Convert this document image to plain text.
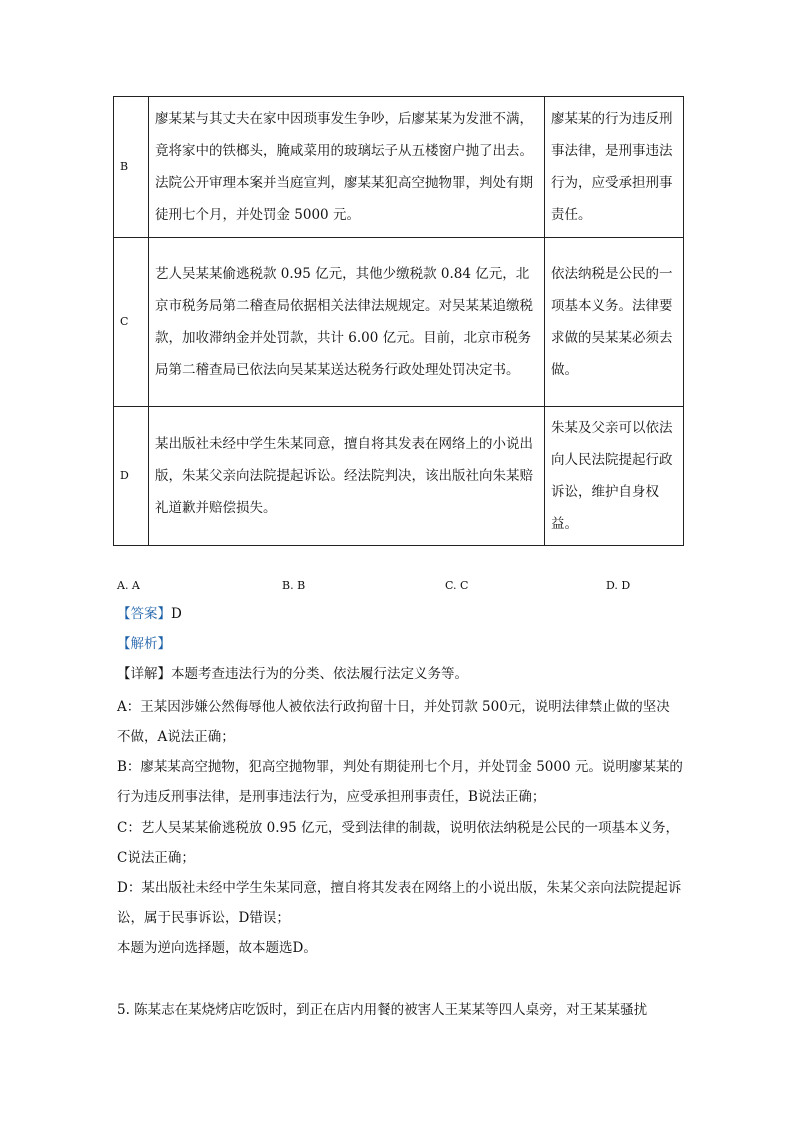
B	廖某某与其丈夫在家中因琐事发生争吵，后廖某某为发泄不满，竟将家中的铁榔头，腌咸菜用的玻璃坛子从五楼窗户抛了出去。法院公开审理本案并当庭宣判，廖某某犯高空抛物罪，判处有期徒刑七个月，并处罚金 5000 元。	廖某某的行为违反刑事法律，是刑事违法行为，应受承担刑事责任。
C	艺人吴某某偷逃税款 0.95 亿元，其他少缴税款 0.84 亿元，北京市税务局第二稽查局依据相关法律法规规定。对吴某某追缴税款，加收滞纳金并处罚款，共计 6.00 亿元。目前，北京市税务局第二稽查局已依法向吴某某送达税务行政处理处罚决定书。	依法纳税是公民的一项基本义务。法律要求做的吴某某必须去做。
D	某出版社未经中学生朱某同意，擅自将其发表在网络上的小说出版，朱某父亲向法院提起诉讼。经法院判决，该出版社向朱某赔礼道歉并赔偿损失。	朱某及父亲可以依法向人民法院提起行政诉讼，维护自身权益。
A. A	B. B	C. C	D. D
【答案】D
【解析】
【详解】本题考查违法行为的分类、依法履行法定义务等。
A：王某因涉嫌公然侮辱他人被依法行政拘留十日，并处罚款 500元，说明法律禁止做的坚决不做，A说法正确；
B：廖某某高空抛物，犯高空抛物罪，判处有期徒刑七个月，并处罚金 5000 元。说明廖某某的行为违反刑事法律，是刑事违法行为，应受承担刑事责任，B说法正确；
C：艺人吴某某偷逃税放 0.95 亿元，受到法律的制裁，说明依法纳税是公民的一项基本义务，C说法正确；
D：某出版社未经中学生朱某同意，擅自将其发表在网络上的小说出版，朱某父亲向法院提起诉讼，属于民事诉讼，D错误；
本题为逆向选择题，故本题选D。
5. 陈某志在某烧烤店吃饭时，到正在店内用餐的被害人王某某等四人桌旁，对王某某骚扰
